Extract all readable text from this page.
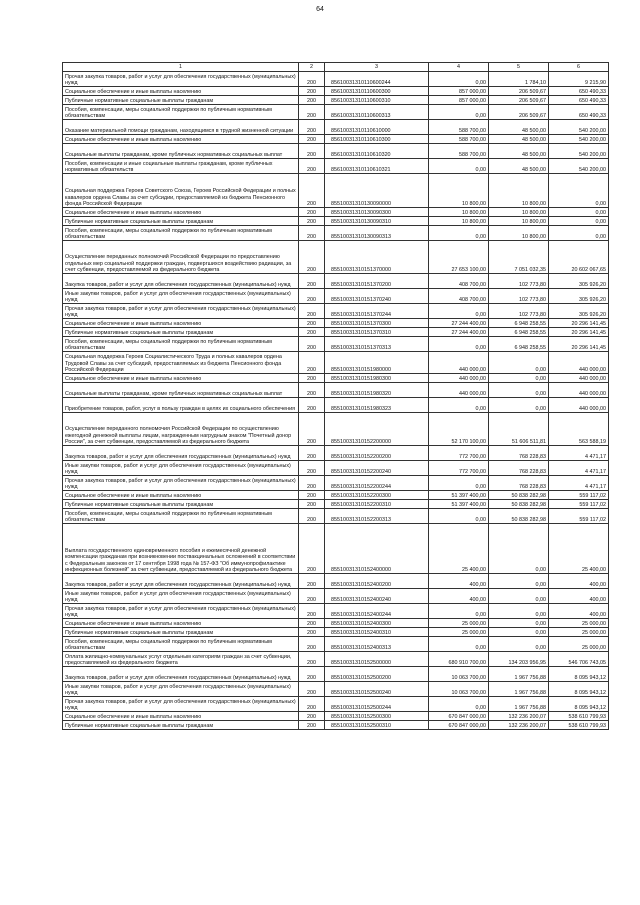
64
1	2	3	4	5	6
Прочая закупка товаров, работ и услуг для обеспечения государственных (муниципальных) нужд	200	85610031310110600244	0,00	1 784,10	9 215,90
Социальное обеспечение и иные выплаты населению	200	85610031310110600300	857 000,00	206 509,67	650 490,33
Публичные нормативные социальные выплаты гражданам	200	85610031310110600310	857 000,00	206 509,67	650 490,33
Пособия, компенсации, меры социальной поддержки по публичным нормативным обязательствам	200	85610031310110600313	0,00	206 509,67	650 490,33
Оказание материальной помощи гражданам, находящимся в трудной жизненной ситуации	200	85610031310110610000	588 700,00	48 500,00	540 200,00
Социальное обеспечение и иные выплаты населению	200	85610031310110610300	588 700,00	48 500,00	540 200,00
Социальные выплаты гражданам, кроме публичных нормативных социальных выплат	200	85610031310110610320	588 700,00	48 500,00	540 200,00
Пособия, компенсации и иные социальные выплаты гражданам, кроме публичных нормативных обязательств	200	85610031310110610321	0,00	48 500,00	540 200,00
Социальная поддержка Героев Советского Союза, Героев Российской Федерации и полных кавалеров ордена Славы за счет субсидии, предоставляемой из бюджета Пенсионного фонда Российской Федерации	200	85510031310130090000	10 800,00	10 800,00	0,00
Социальное обеспечение и иные выплаты населению	200	85510031310130090300	10 800,00	10 800,00	0,00
Публичные нормативные социальные выплаты гражданам	200	85510031310130090310	10 800,00	10 800,00	0,00
Пособия, компенсации, меры социальной поддержки по публичным нормативным обязательствам	200	85510031310130090313	0,00	10 800,00	0,00
Осуществление переданных полномочий Российской Федерации по предоставлению отдельных мер социальной поддержки граждан, подвергшихся воздействию радиации, за счет субвенции, предоставляемой из федерального бюджета	200	85510031310151370000	27 653 100,00	7 051 032,35	20 602 067,65
Закупка товаров, работ и услуг для обеспечения государственных (муниципальных) нужд	200	85510031310151370200	408 700,00	102 773,80	305 926,20
Иные закупки товаров, работ и услуг для обеспечения государственных (муниципальных) нужд	200	85510031310151370240	408 700,00	102 773,80	305 926,20
Прочая закупка товаров, работ и услуг для обеспечения государственных (муниципальных) нужд	200	85510031310151370244	0,00	102 773,80	305 926,20
Социальное обеспечение и иные выплаты населению	200	85510031310151370300	27 244 400,00	6 948 258,55	20 296 141,45
Публичные нормативные социальные выплаты гражданам	200	85510031310151370310	27 244 400,00	6 948 258,55	20 296 141,45
Пособия, компенсации, меры социальной поддержки по публичным нормативным обязательствам	200	85510031310151370313	0,00	6 948 258,55	20 296 141,45
Социальная поддержка Героев Социалистического Труда и полных кавалеров ордена Трудовой Славы за счет субсидий, предоставляемых из бюджета Пенсионного фонда Российской Федерации	200	85510031310151980000	440 000,00	0,00	440 000,00
Социальное обеспечение и иные выплаты населению	200	85510031310151980300	440 000,00	0,00	440 000,00
Социальные выплаты гражданам, кроме публичных нормативных социальных выплат	200	85510031310151980320	440 000,00	0,00	440 000,00
Приобретение товаров, работ, услуг в пользу граждан в целях их социального обеспечения	200	85510031310151980323	0,00	0,00	440 000,00
Осуществление переданного полномочия Российской Федерации по осуществлению ежегодной денежной выплаты лицам, награжденным нагрудным знаком "Почетный донор России", за счет субвенции, предоставляемой из федерального бюджета	200	85510031310152200000	52 170 100,00	51 606 511,81	563 588,19
Закупка товаров, работ и услуг для обеспечения государственных (муниципальных) нужд	200	85510031310152200200	772 700,00	768 228,83	4 471,17
Иные закупки товаров, работ и услуг для обеспечения государственных (муниципальных) нужд	200	85510031310152200240	772 700,00	768 228,83	4 471,17
Прочая закупка товаров, работ и услуг для обеспечения государственных (муниципальных) нужд	200	85510031310152200244	0,00	768 228,83	4 471,17
Социальное обеспечение и иные выплаты населению	200	85510031310152200300	51 397 400,00	50 838 282,98	559 117,02
Публичные нормативные социальные выплаты гражданам	200	85510031310152200310	51 397 400,00	50 838 282,98	559 117,02
Пособия, компенсации, меры социальной поддержки по публичным нормативным обязательствам	200	85510031310152200313	0,00	50 838 282,98	559 117,02
Выплата государственного единовременного пособия и ежемесячной денежной компенсации гражданам при возникновении поствакцинальных осложнений в соответствии с Федеральным законом от 17 сентября 1998 года № 157-ФЗ "Об иммунопрофилактике инфекционных болезней" за счет субвенции, предоставляемой из федерального бюджета	200	85510031310152400000	25 400,00	0,00	25 400,00
Закупка товаров, работ и услуг для обеспечения государственных (муниципальных) нужд	200	85510031310152400200	400,00	0,00	400,00
Иные закупки товаров, работ и услуг для обеспечения государственных (муниципальных) нужд	200	85510031310152400240	400,00	0,00	400,00
Прочая закупка товаров, работ и услуг для обеспечения государственных (муниципальных) нужд	200	85510031310152400244	0,00	0,00	400,00
Социальное обеспечение и иные выплаты населению	200	85510031310152400300	25 000,00	0,00	25 000,00
Публичные нормативные социальные выплаты гражданам	200	85510031310152400310	25 000,00	0,00	25 000,00
Пособия, компенсации, меры социальной поддержки по публичным нормативным обязательствам	200	85510031310152400313	0,00	0,00	25 000,00
Оплата жилищно-коммунальных услуг отдельным категориям граждан за счет субвенции, предоставляемой из федерального бюджета	200	85510031310152500000	680 910 700,00	134 203 956,95	546 706 743,05
Закупка товаров, работ и услуг для обеспечения государственных (муниципальных) нужд	200	85510031310152500200	10 063 700,00	1 967 756,88	8 095 943,12
Иные закупки товаров, работ и услуг для обеспечения государственных (муниципальных) нужд	200	85510031310152500240	10 063 700,00	1 967 756,88	8 095 943,12
Прочая закупка товаров, работ и услуг для обеспечения государственных (муниципальных) нужд	200	85510031310152500244	0,00	1 967 756,88	8 095 943,12
Социальное обеспечение и иные выплаты населению	200	85510031310152500300	670 847 000,00	132 236 200,07	538 610 799,93
Публичные нормативные социальные выплаты гражданам	200	85510031310152500310	670 847 000,00	132 236 200,07	538 610 799,93
